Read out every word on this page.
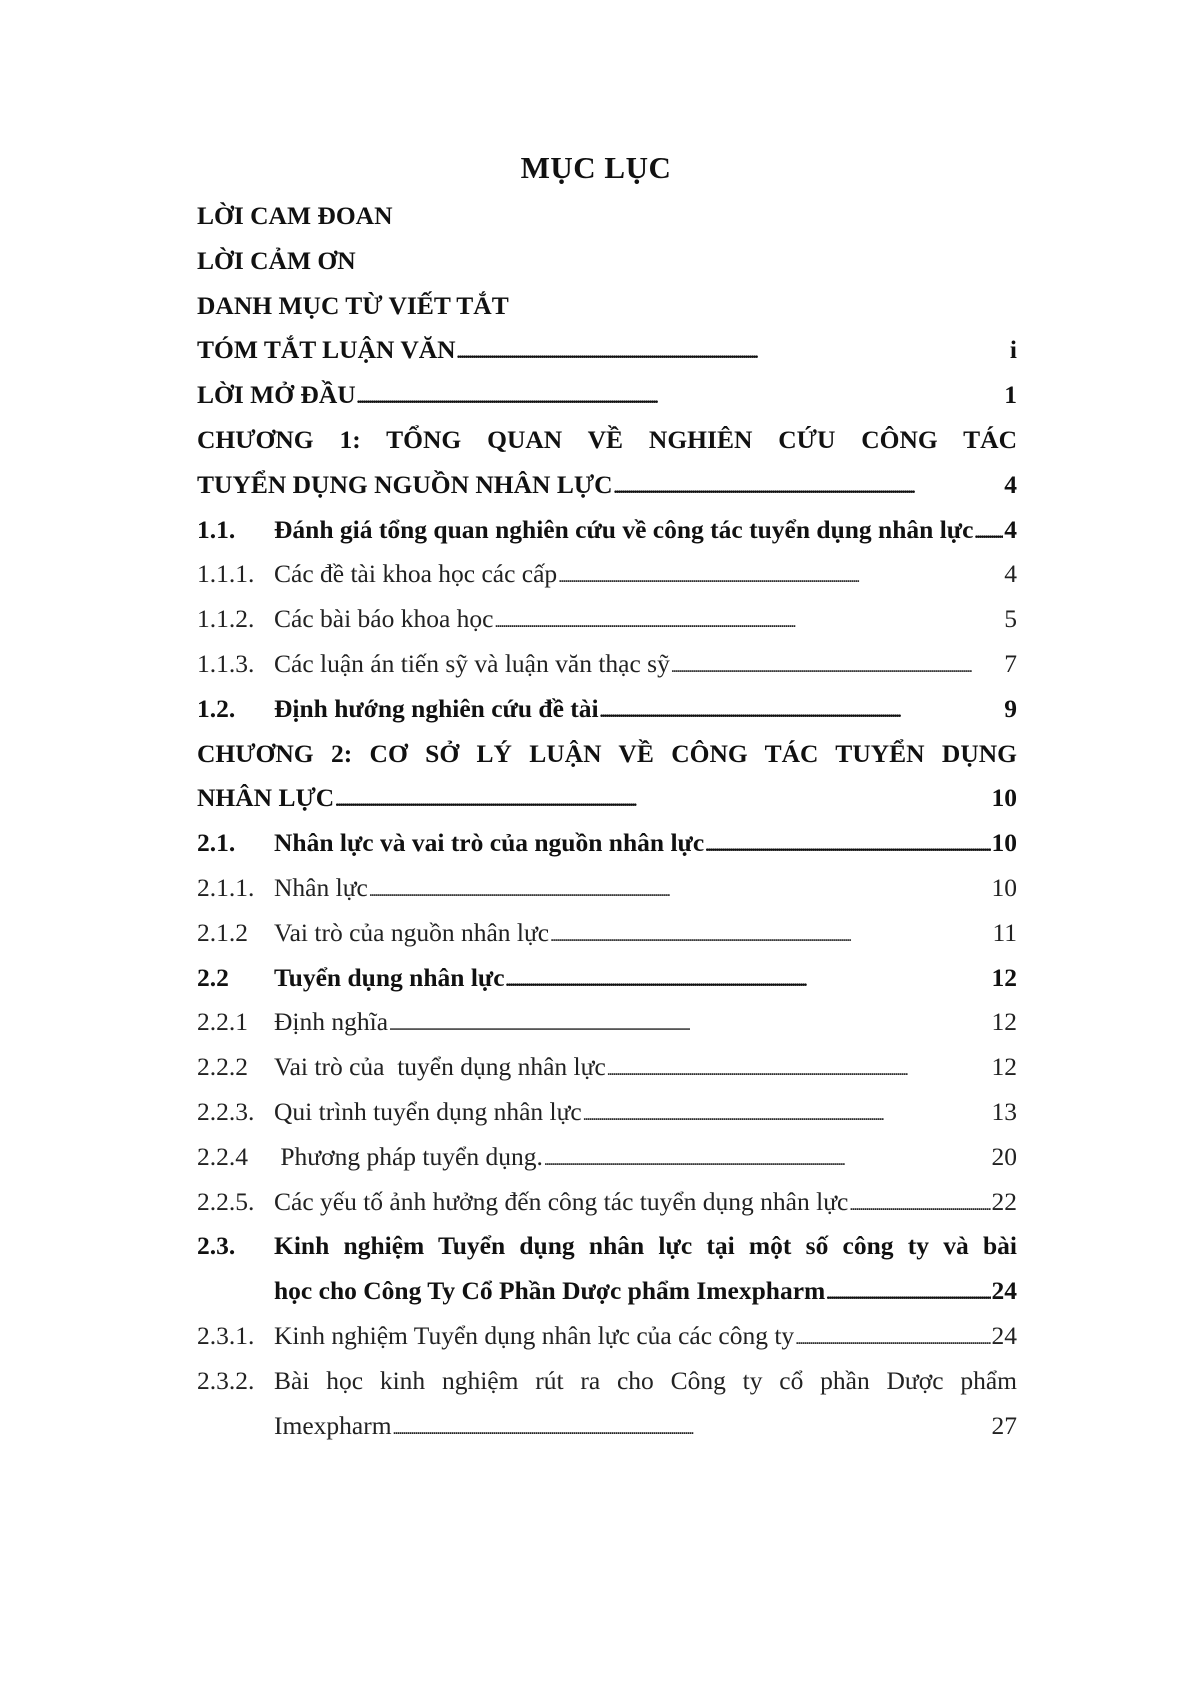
MỤC LỤC
LỜI CAM ĐOAN
LỜI CẢM ƠN
DANH MỤC TỪ VIẾT TẮT
TÓM TẮT LUẬN VĂN . . .	i
LỜI MỞ ĐẦU . . .	1
CHƯƠNG 1: TỔNG QUAN VỀ NGHIÊN CỨU CÔNG TÁC
TUYỂN DỤNG NGUỒN NHÂN LỰC . . .	4
1.1.	Đánh giá tổng quan nghiên cứu về công tác tuyển dụng nhân lực . . . 4
1.1.1. Các đề tài khoa học các cấp . . .	4
1.1.2. Các bài báo khoa học . . .	5
1.1.3. Các luận án tiến sỹ và luận văn thạc sỹ . . .	7
1.2.	Định hướng nghiên cứu đề tài . . .	9
CHƯƠNG 2: CƠ SỞ LÝ LUẬN VỀ CÔNG TÁC TUYỂN DỤNG
NHÂN LỰC . . .	10
2.1.	Nhân lực và vai trò của nguồn nhân lực . . .	10
2.1.1. Nhân lực . . .	10
2.1.2	Vai trò của nguồn nhân lực . . .	11
2.2	Tuyển dụng nhân lực . . .	12
2.2.1	Định nghĩa . . .	12
2.2.2	Vai trò của  tuyển dụng nhân lực . . .	12
2.2.3. Qui trình tuyển dụng nhân lực . . .	13
2.2.4	Phương pháp tuyển dụng. . . .	20
2.2.5. Các yếu tố ảnh hưởng đến công tác tuyển dụng nhân lực . . .	22
2.3.	Kinh nghiệm Tuyển dụng nhân lực tại một số công ty và bài
học cho Công Ty Cổ Phần Dược phẩm Imexpharm . . .	24
2.3.1. Kinh nghiệm Tuyển dụng nhân lực của các công ty . . .	24
2.3.2. Bài học kinh nghiệm rút ra cho Công ty cổ phần Dược phẩm
Imexpharm . . .	27
